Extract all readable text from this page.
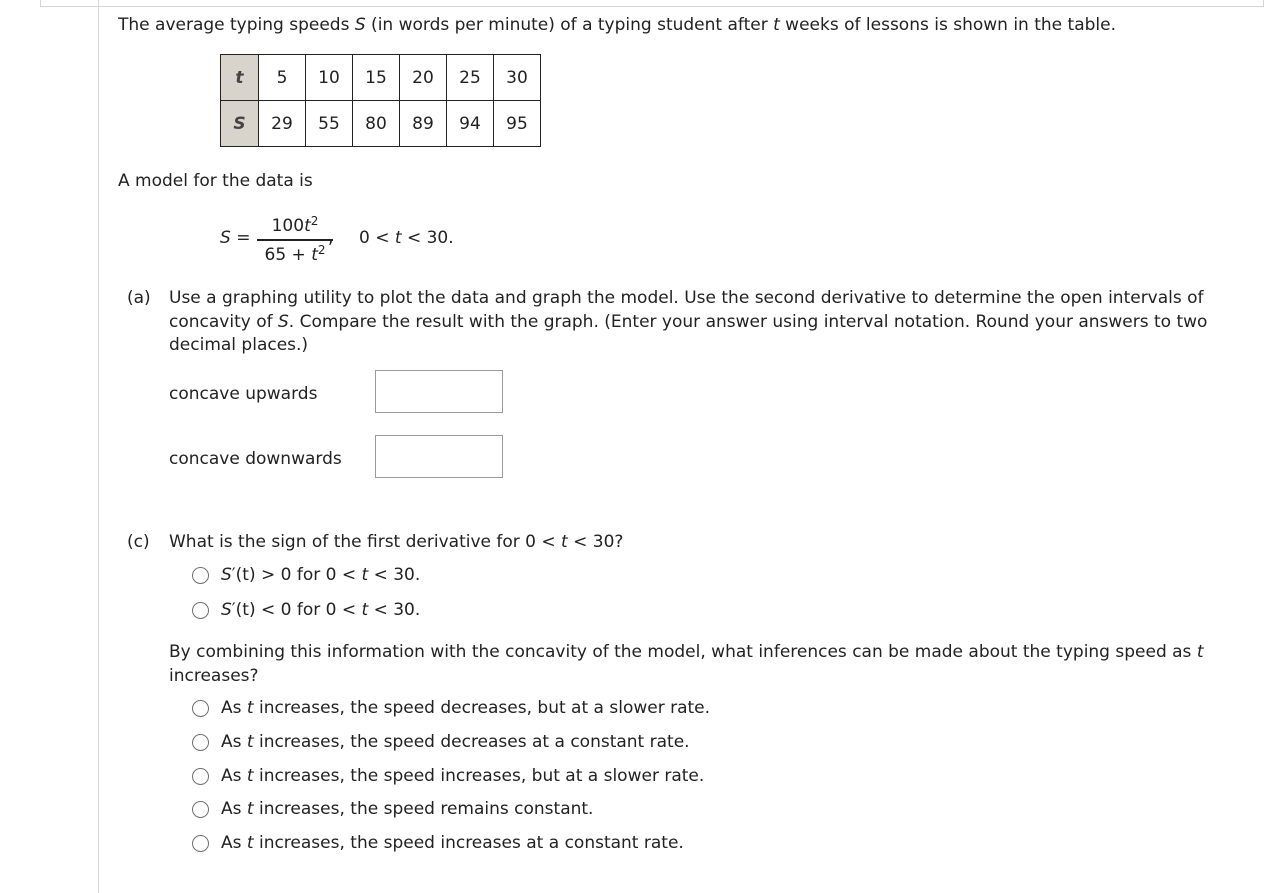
The average typing speeds S (in words per minute) of a typing student after t weeks of lessons is shown in the table.
t	5	10	15	20	25	30
S	29	55	80	89	94	95
A model for the data is
S =
$100t^2$
$65 + t^2$
, 0 < t < 30.
(a) Use a graphing utility to plot the data and graph the model. Use the second derivative to determine the open intervals of
concavity of S. Compare the result with the graph. (Enter your answer using interval notation. Round your answers to two
decimal places.)
concave upwards
concave downwards
(c) What is the sign of the first derivative for 0 < t < 30?
S′(t) > 0 for 0 < t < 30.
S′(t) < 0 for 0 < t < 30.
By combining this information with the concavity of the model, what inferences can be made about the typing speed as t
increases?
As t increases, the speed decreases, but at a slower rate.
As t increases, the speed decreases at a constant rate.
As t increases, the speed increases, but at a slower rate.
As t increases, the speed remains constant.
As t increases, the speed increases at a constant rate.
